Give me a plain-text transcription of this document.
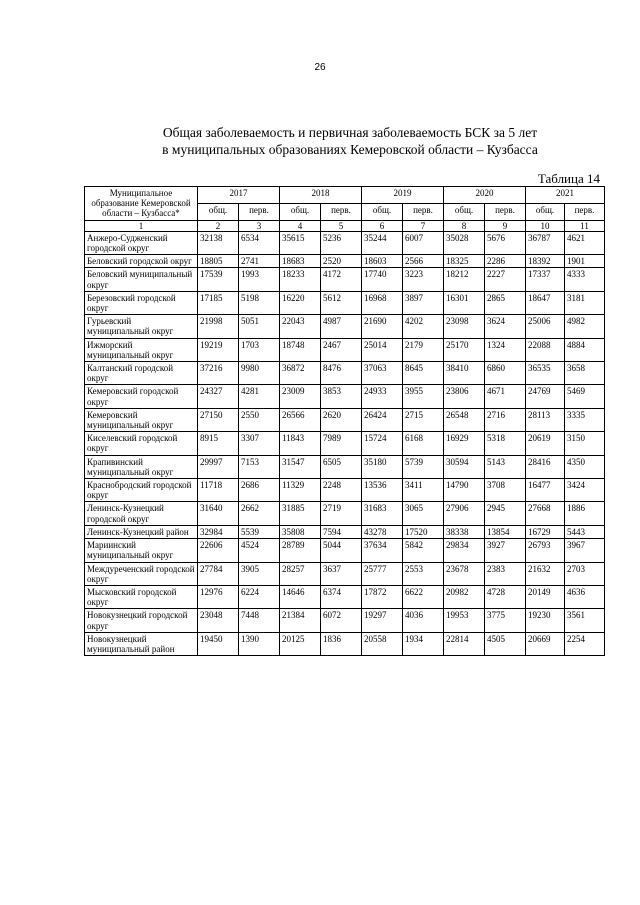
26
Общая заболеваемость и первичная заболеваемость БСК за 5 лет
в муниципальных образованиях Кемеровской области – Кузбасса
Таблица 14
Муниципальное образование Кемеровской области – Кузбасса*	2017		2018		2019		2020		2021	
	общ.	перв.	общ.	перв.	общ.	перв.	общ.	перв.	общ.	перв.
1	2	3	4	5	6	7	8	9	10	11
Анжеро-Судженский городской округ	32138	6534	35615	5236	35244	6007	35028	5676	36787	4621
Беловский городской округ	18805	2741	18683	2520	18603	2566	18325	2286	18392	1901
Беловский муниципальный округ	17539	1993	18233	4172	17740	3223	18212	2227	17337	4333
Березовский городской округ	17185	5198	16220	5612	16968	3897	16301	2865	18647	3181
Гурьевский муниципальный округ	21998	5051	22043	4987	21690	4202	23098	3624	25006	4982
Ижморский муниципальный округ	19219	1703	18748	2467	25014	2179	25170	1324	22088	4884
Калтанский городской округ	37216	9980	36872	8476	37063	8645	38410	6860	36535	3658
Кемеровский городской округ	24327	4281	23009	3853	24933	3955	23806	4671	24769	5469
Кемеровский муниципальный округ	27150	2550	26566	2620	26424	2715	26548	2716	28113	3335
Киселевский городской округ	8915	3307	11843	7989	15724	6168	16929	5318	20619	3150
Крапивинский муниципальный округ	29997	7153	31547	6505	35180	5739	30594	5143	28416	4350
Краснобродский городской округ	11718	2686	11329	2248	13536	3411	14790	3708	16477	3424
Ленинск-Кузнецкий городской округ	31640	2662	31885	2719	31683	3065	27906	2945	27668	1886
Ленинск-Кузнецкий район	32984	5539	35808	7594	43278	17520	38338	13854	16729	5443
Мариинский муниципальный округ	22606	4524	28789	5044	37634	5842	29834	3927	26793	3967
Междуреченский городской округ	27784	3905	28257	3637	25777	2553	23678	2383	21632	2703
Мысковский городской округ	12976	6224	14646	6374	17872	6622	20982	4728	20149	4636
Новокузнецкий городской округ	23048	7448	21384	6072	19297	4036	19953	3775	19230	3561
Новокузнецкий муниципальный район	19450	1390	20125	1836	20558	1934	22814	4505	20669	2254
